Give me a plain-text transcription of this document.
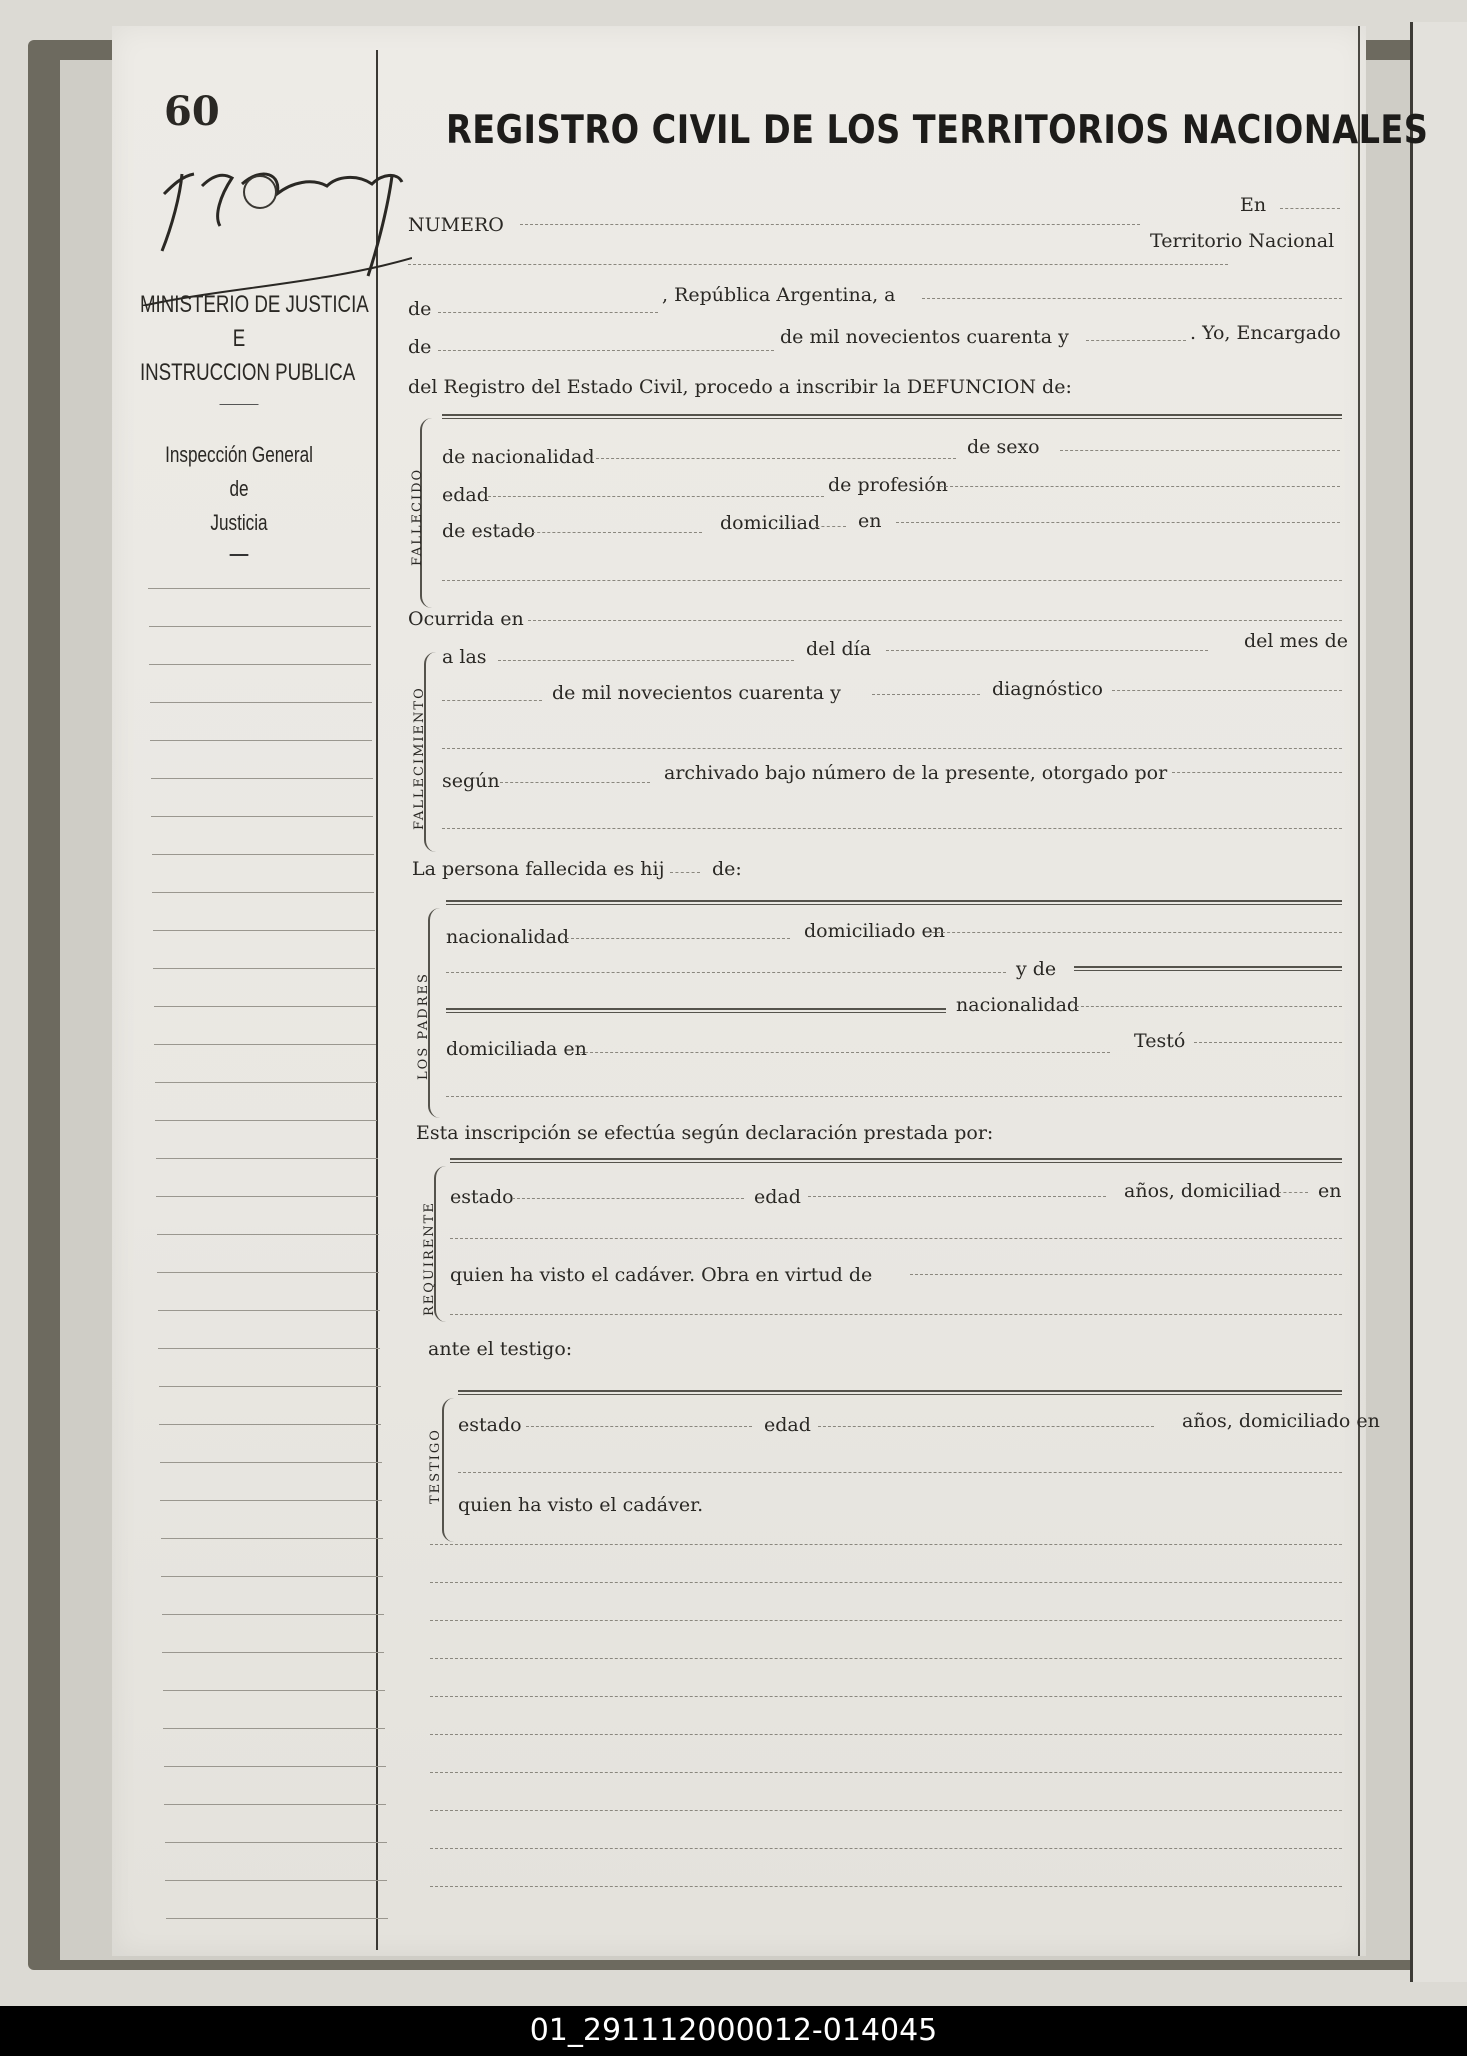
60	REGISTRO CIVIL DE LOS TERRITORIOS NACIONALES
MINISTERIO DE JUSTICIA
E
INSTRUCCION PUBLICA
Inspección General
de
Justicia
NUMERO
En
Territorio Nacional
de
, República Argentina, a
de	de mil novecientos cuarenta y	. Yo, Encargado
del Registro del Estado Civil, procedo a inscribir la DEFUNCION de:
FALLECIDO
de nacionalidad	de sexo
edad	de profesión
de estado	domiciliad en
Ocurrida en
FALLECIMIENTO
a las	del día	del mes de
de mil novecientos cuarenta y	diagnóstico
según	archivado bajo número de la presente, otorgado por
La persona fallecida es hij de:
LOS PADRES
nacionalidad	domiciliado en
y de
nacionalidad
domiciliada en	Testó
Esta inscripción se efectúa según declaración prestada por:
REQUIRENTE
estado	edad	años, domiciliad en
quien ha visto el cadáver. Obra en virtud de
ante el testigo:
TESTIGO
estado	edad	años, domiciliado en
quien ha visto el cadáver.
01_291112000012-014045
